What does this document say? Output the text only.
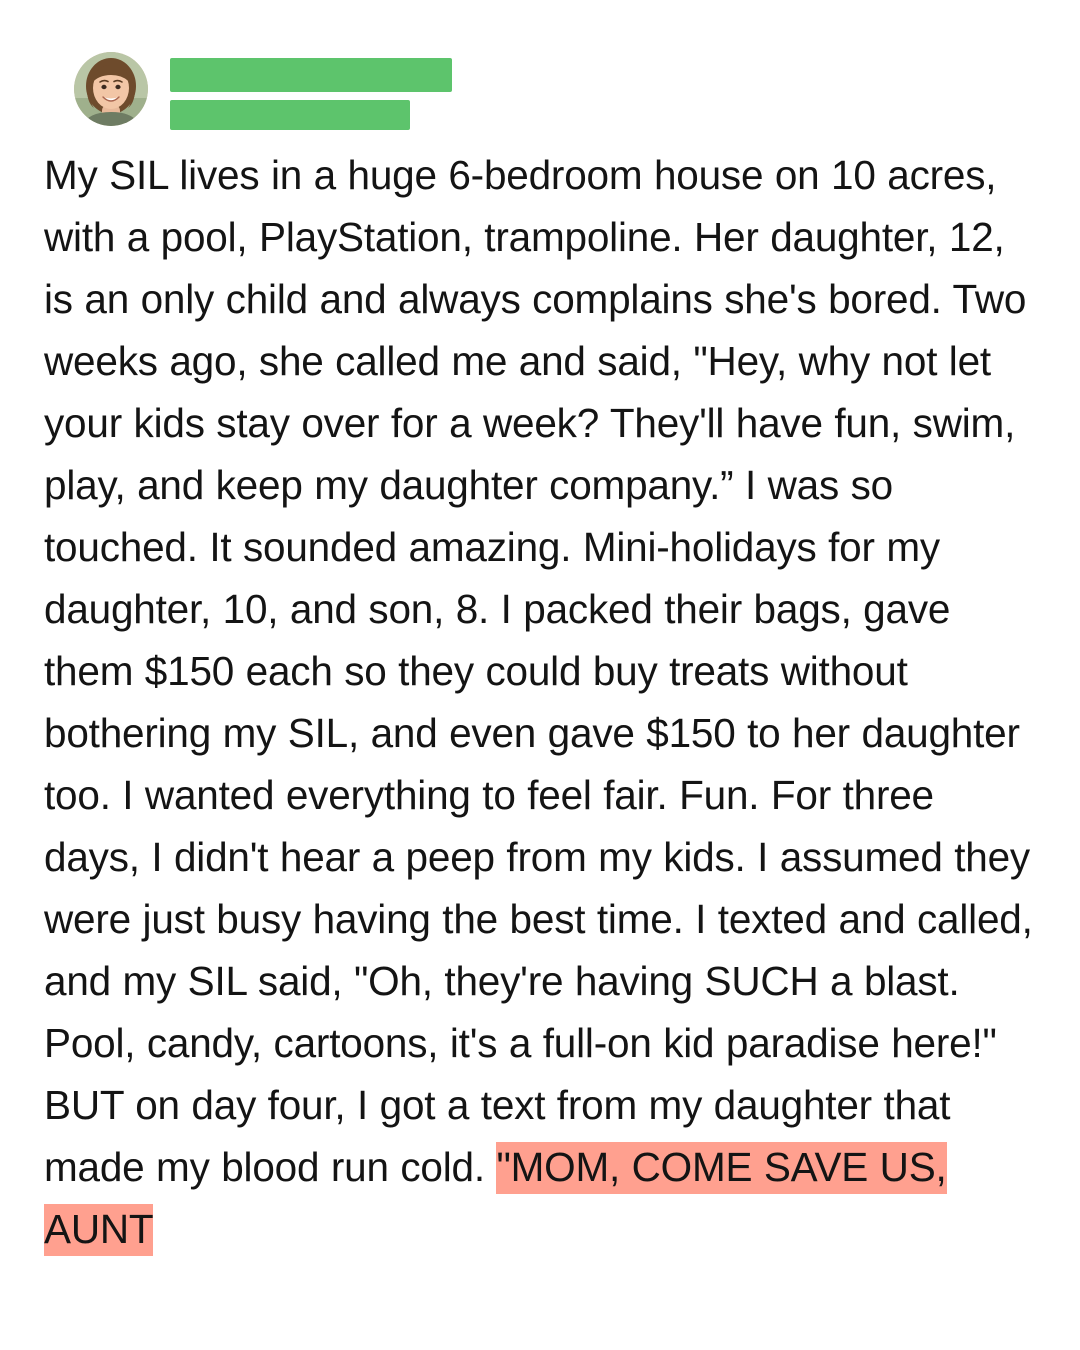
My SIL lives in a huge 6-bedroom house on 10 acres, with a pool, PlayStation, trampoline. Her daughter, 12, is an only child and always complains she's bored. Two weeks ago, she called me and said, "Hey, why not let your kids stay over for a week? They'll have fun, swim, play, and keep my daughter company.” I was so touched. It sounded amazing. Mini-holidays for my daughter, 10, and son, 8. I packed their bags, gave them $150 each so they could buy treats without bothering my SIL, and even gave $150 to her daughter too. I wanted everything to feel fair. Fun. For three days, I didn't hear a peep from my kids. I assumed they were just busy having the best time. I texted and called, and my SIL said, "Oh, they're having SUCH a blast. Pool, candy, cartoons, it's a full-on kid paradise here!" BUT on day four, I got a text from my daughter that made my blood run cold. "MOM, COME SAVE US, AUNT
